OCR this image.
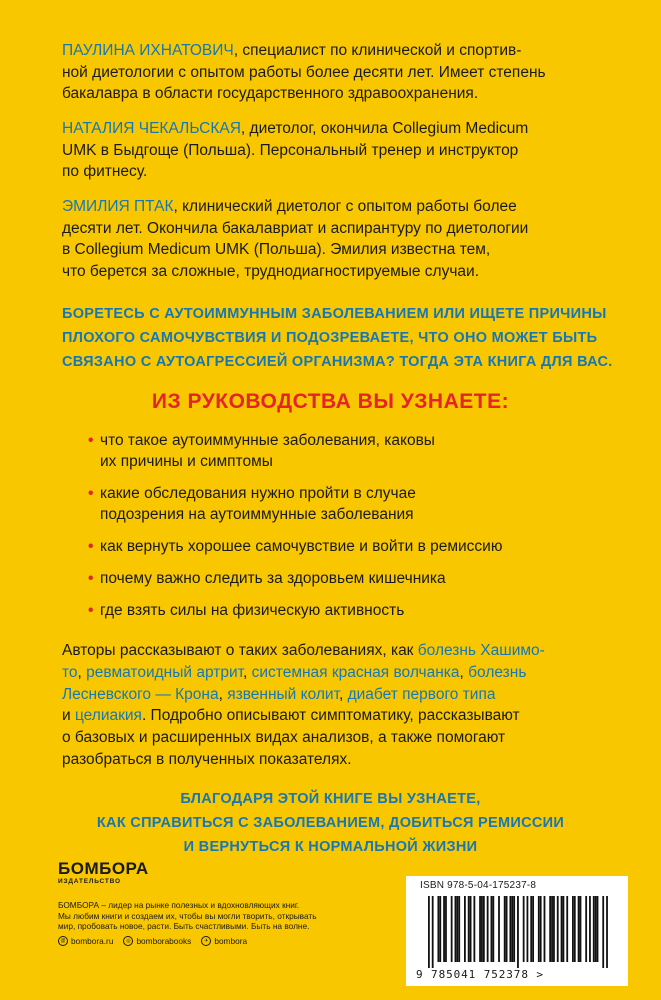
ПАУЛИНА ИХНАТОВИЧ, специалист по клинической и спортив-
ной диетологии с опытом работы более десяти лет. Имеет степень
бакалавра в области государственного здравоохранения.
НАТАЛИЯ ЧЕКАЛЬСКАЯ, диетолог, окончила Collegium Medicum
UMK в Быдгоще (Польша). Персональный тренер и инструктор
по фитнесу.
ЭМИЛИЯ ПТАК, клинический диетолог с опытом работы более
десяти лет. Окончила бакалавриат и аспирантуру по диетологии
в Collegium Medicum UMK (Польша). Эмилия известна тем,
что берется за сложные, труднодиагностируемые случаи.
БОРЕТЕСЬ С АУТОИММУННЫМ ЗАБОЛЕВАНИЕМ ИЛИ ИЩЕТЕ ПРИЧИНЫ
ПЛОХОГО САМОЧУВСТВИЯ И ПОДОЗРЕВАЕТЕ, ЧТО ОНО МОЖЕТ БЫТЬ
СВЯЗАНО С АУТОАГРЕССИЕЙ ОРГАНИЗМА? ТОГДА ЭТА КНИГА ДЛЯ ВАС.
ИЗ РУКОВОДСТВА ВЫ УЗНАЕТЕ:
• что такое аутоиммунные заболевания, каковы
их причины и симптомы
• какие обследования нужно пройти в случае
подозрения на аутоиммунные заболевания
• как вернуть хорошее самочувствие и войти в ремиссию
• почему важно следить за здоровьем кишечника
• где взять силы на физическую активность
Авторы рассказывают о таких заболеваниях, как болезнь Хашимо-
то, ревматоидный артрит, системная красная волчанка, болезнь
Лесневского — Крона, язвенный колит, диабет первого типа
и целиакия. Подробно описывают симптоматику, рассказывают
о базовых и расширенных видах анализов, а также помогают
разобраться в полученных показателях.
БЛАГОДАРЯ ЭТОЙ КНИГЕ ВЫ УЗНАЕТЕ,
КАК СПРАВИТЬСЯ С ЗАБОЛЕВАНИЕМ, ДОБИТЬСЯ РЕМИССИИ
И ВЕРНУТЬСЯ К НОРМАЛЬНОЙ ЖИЗНИ
БОМБОРА
ИЗДАТЕЛЬСТВО
БОМБОРА – лидер на рынке полезных и вдохновляющих книг.
Мы любим книги и создаем их, чтобы вы могли творить, открывать
мир, пробовать новое, расти. Быть счастливыми. Быть на волне.
@ bombora.ru	◎ bomborabooks	✈ bombora
ISBN 978-5-04-175237-8
9 785041 752378 >
